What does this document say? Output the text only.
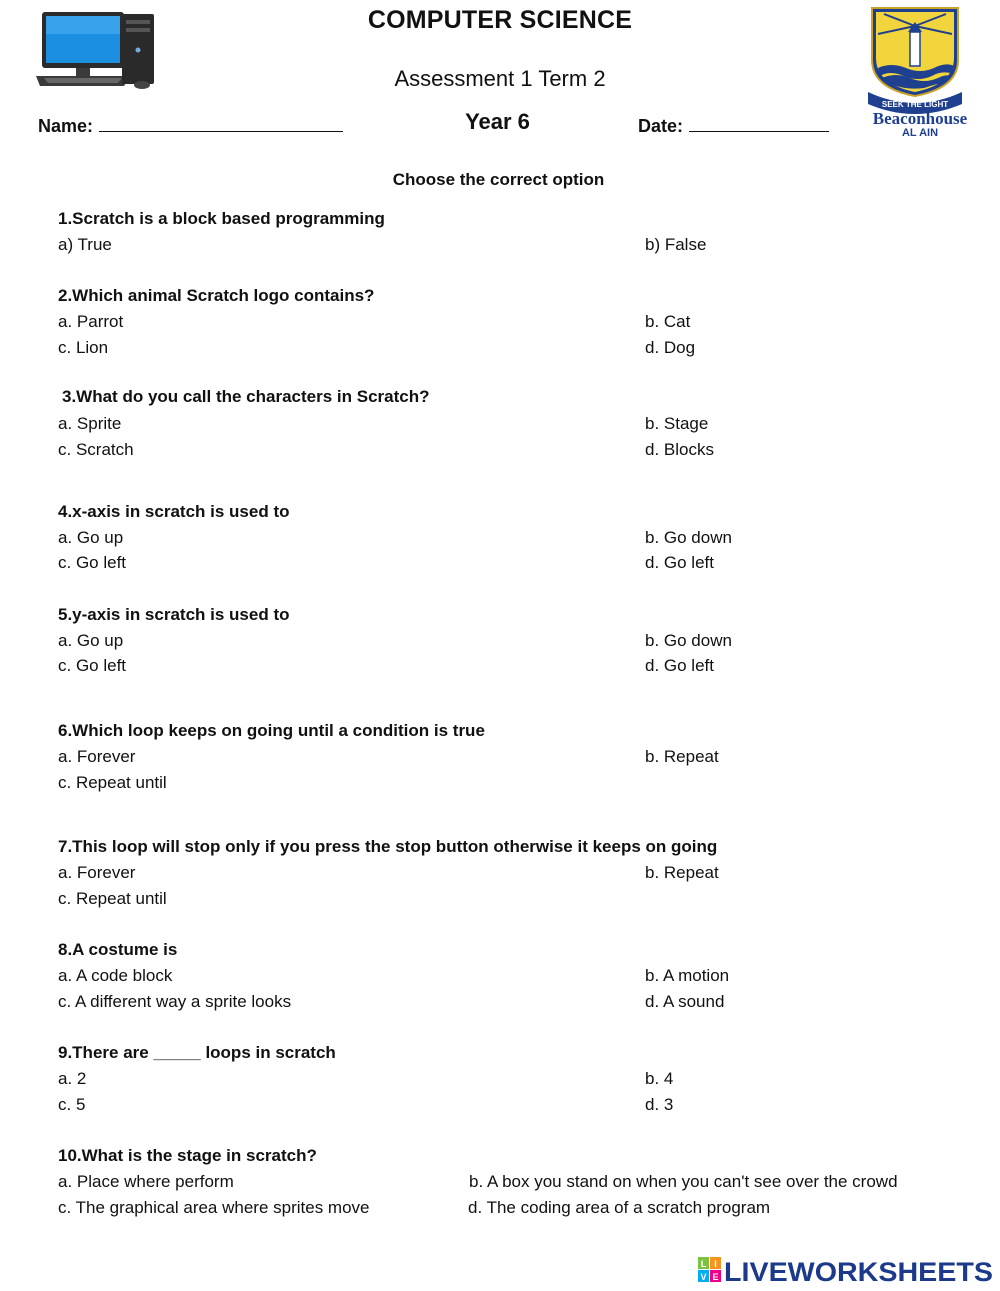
COMPUTER SCIENCE
Assessment 1 Term 2
Year 6
Name:	Date:
SEEK THE LIGHT
Beaconhouse
AL AIN
Choose the correct option
1.Scratch is a block based programming
a) True	b) False
2.Which animal Scratch logo contains?
a. Parrot	b. Cat
c. Lion	d. Dog
3.What do you call the characters in Scratch?
a. Sprite	b. Stage
c. Scratch	d. Blocks
4.x-axis in scratch is used to
a. Go up	b. Go down
c. Go left	d. Go left
5.y-axis in scratch is used to
a. Go up	b. Go down
c. Go left	d. Go left
6.Which loop keeps on going until a condition is true
a. Forever	b. Repeat
c. Repeat until
7.This loop will stop only if you press the stop button otherwise it keeps on going
a. Forever	b. Repeat
c. Repeat until
8.A costume is
a. A code block	b. A motion
c. A different way a sprite looks	d. A sound
9.There are _____ loops in scratch
a. 2	b. 4
c. 5	d. 3
10.What is the stage in scratch?
a. Place where perform	b. A box you stand on when you can't see over the crowd
c. The graphical area where sprites move	d. The coding area of a scratch program
L I
V E LIVEWORKSHEETS
